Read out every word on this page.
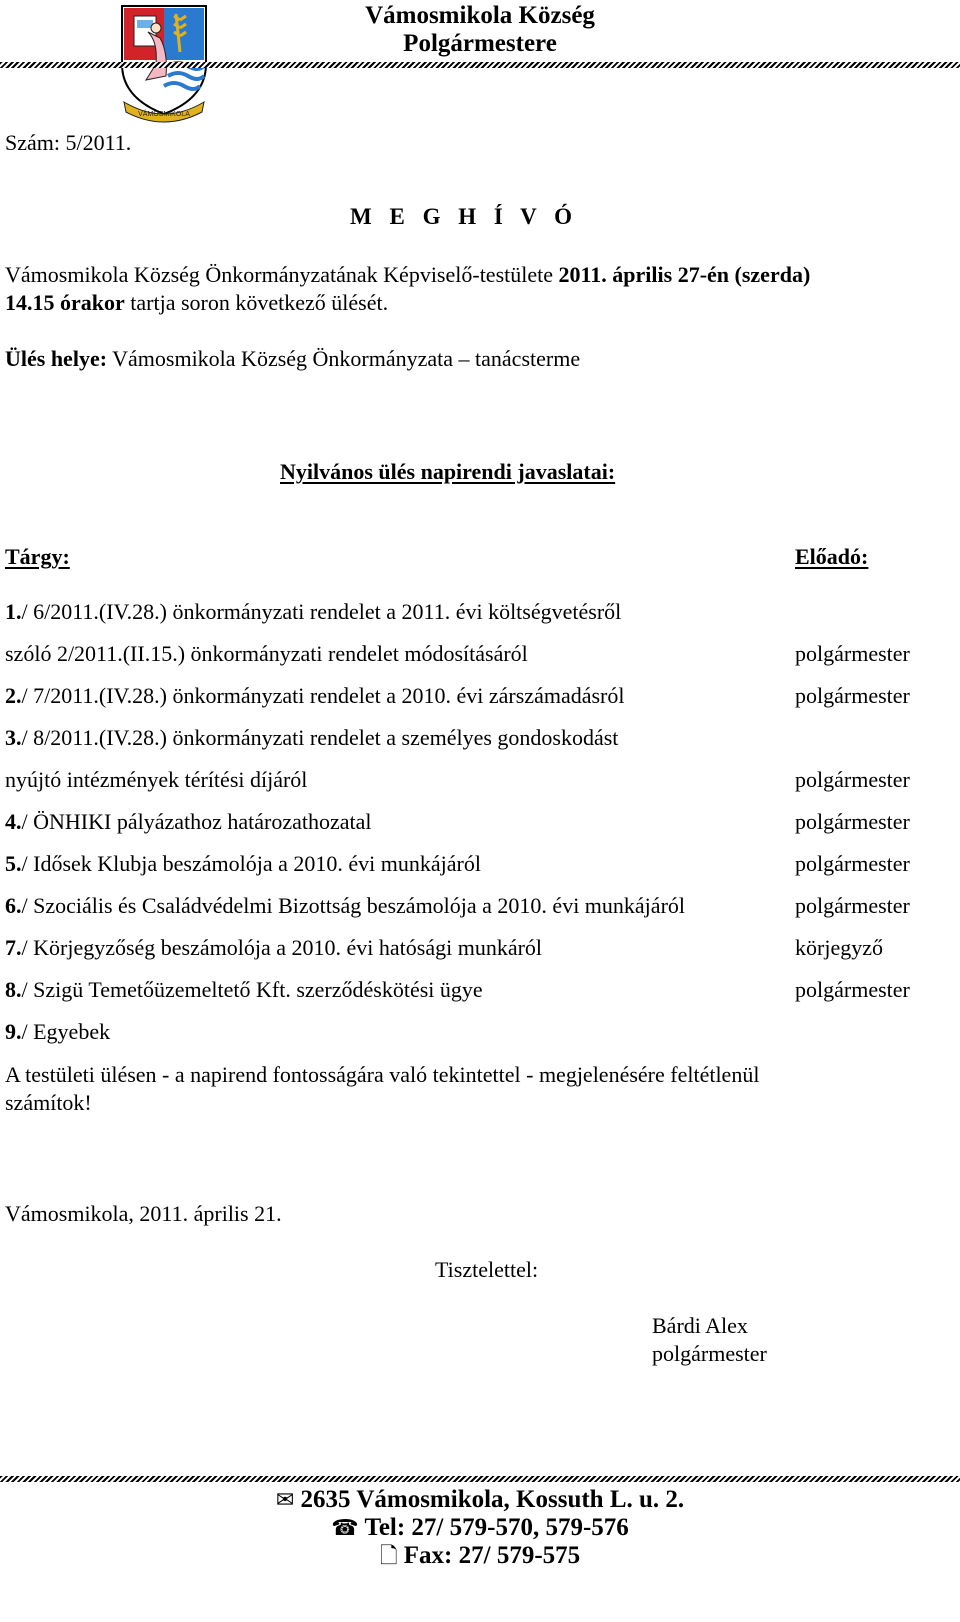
VÁMOSMIKOLA
Vámosmikola Község
Polgármestere

Szám: 5/2011.

M E G H Í V Ó

Vámosmikola Község Önkormányzatának Képviselő-testülete 2011. április 27-én (szerda)

14.15 órakor tartja soron következő ülését.

Ülés helye: Vámosmikola Község Önkormányzata – tanácsterme

Nyilvános ülés napirendi javaslatai:

Tárgy:	Előadó:

1./ 6/2011.(IV.28.) önkormányzati rendelet a 2011. évi költségvetésről

szóló 2/2011.(II.15.) önkormányzati rendelet módosításáról	polgármester

2./ 7/2011.(IV.28.) önkormányzati rendelet a 2010. évi zárszámadásról	polgármester

3./ 8/2011.(IV.28.) önkormányzati rendelet a személyes gondoskodást

nyújtó intézmények térítési díjáról	polgármester

4./ ÖNHIKI pályázathoz határozathozatal	polgármester

5./ Idősek Klubja beszámolója a 2010. évi munkájáról	polgármester

6./ Szociális és Családvédelmi Bizottság beszámolója a 2010. évi munkájáról	polgármester

7./ Körjegyzőség beszámolója a 2010. évi hatósági munkáról	körjegyző

8./ Szigü Temetőüzemeltető Kft. szerződéskötési ügye	polgármester

9./ Egyebek

A testületi ülésen - a napirend fontosságára való tekintettel - megjelenésére feltétlenül

számítok!

Vámosmikola, 2011. április 21.

Tisztelettel:

Bárdi Alex

polgármester

✉ 2635 Vámosmikola, Kossuth L. u. 2.
☎ Tel: 27/ 579-570, 579-576
🗋 Fax: 27/ 579-575
